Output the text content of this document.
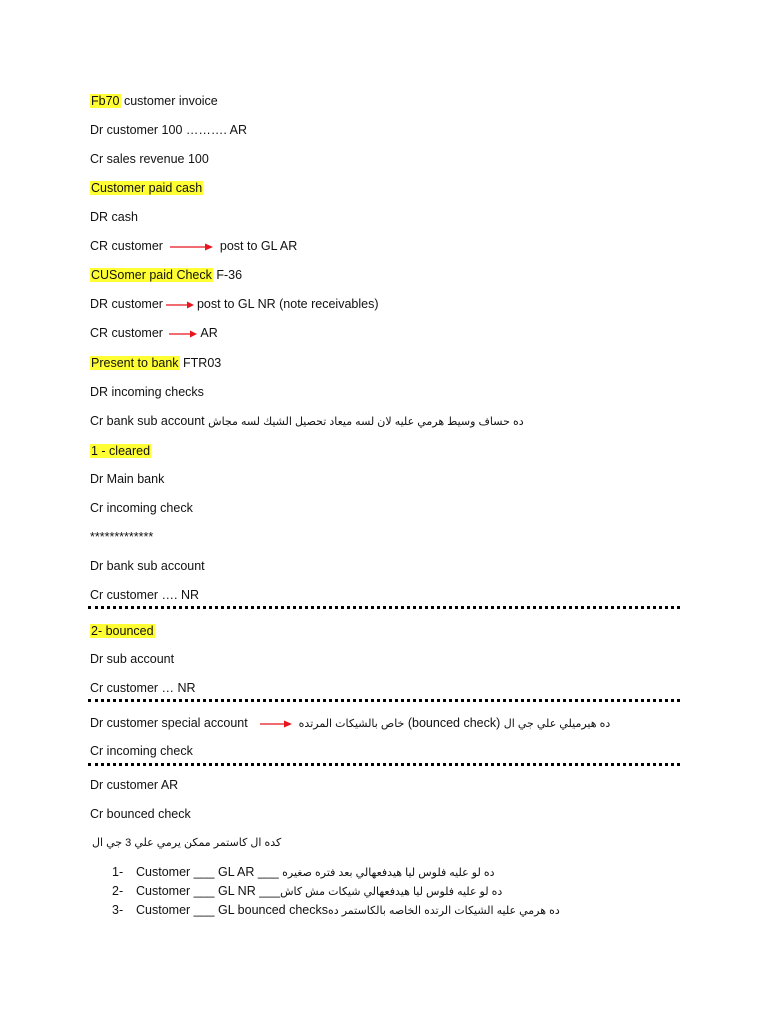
Fb70 customer invoice
Dr customer 100 ………. AR
Cr sales revenue 100
Customer paid cash
DR cash
CR customer	post to GL AR
CUSomer paid Check F-36
DR customer	post to GL NR (note receivables)
CR customer	AR
Present to bank FTR03
DR incoming checks
Cr bank sub account ده حساف وسيط هرمي عليه لان لسه ميعاد تحصيل الشيك لسه مجاش
1 - cleared
Dr Main bank
Cr incoming check
*************
Dr bank sub account
Cr customer …. NR
2- bounced
Dr sub account
Cr customer … NR
Dr customer special account	خاص بالشيكات المرتده (bounced check) ده هيرميلي علي جي ال
Cr incoming check
Dr customer AR
Cr bounced check
كده ال كاستمر ممكن يرمي علي 3 جي ال
1- Customer ___ GL AR ___ ده لو عليه فلوس ليا هيدفعهالي بعد فتره صغيره
2- Customer ___ GL NR ___ده لو عليه فلوس ليا هيدفعهالي شيكات مش كاش
3- Customer ___ GL bounced checksده هرمي عليه الشيكات الرتده الخاصه بالكاستمر ده
